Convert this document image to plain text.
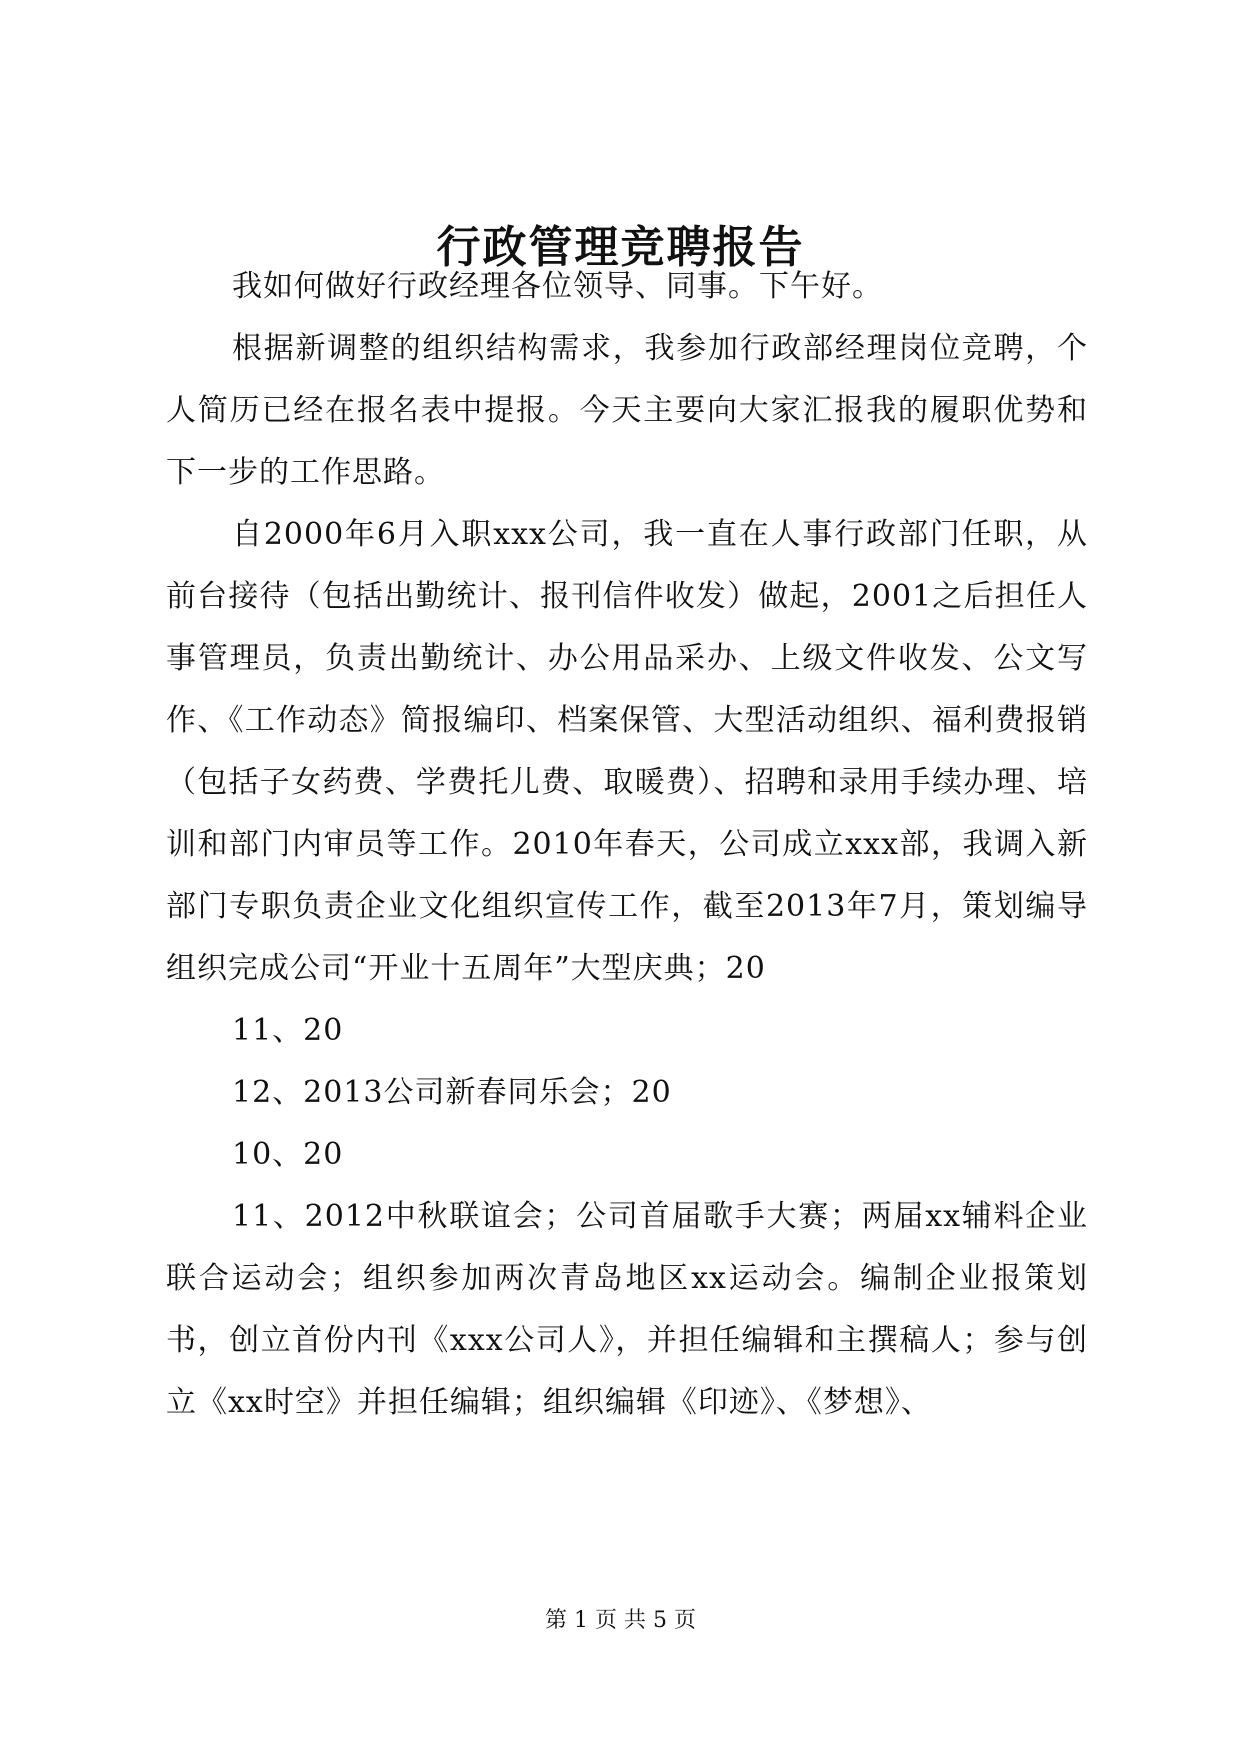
行政管理竞聘报告

我如何做好行政经理各位领导、同事。下午好。

根据新调整的组织结构需求，我参加行政部经理岗位竞聘，个人简历已经在报名表中提报。今天主要向大家汇报我的履职优势和下一步的工作思路。

自2000年6月入职xxx公司，我一直在人事行政部门任职，从前台接待（包括出勤统计、报刊信件收发）做起，2001之后担任人事管理员，负责出勤统计、办公用品采办、上级文件收发、公文写作、《工作动态》简报编印、档案保管、大型活动组织、福利费报销（包括子女药费、学费托儿费、取暖费）、招聘和录用手续办理、培训和部门内审员等工作。2010年春天，公司成立xxx部，我调入新部门专职负责企业文化组织宣传工作，截至2013年7月，策划编导组织完成公司“开业十五周年”大型庆典；20

11、20

12、2013公司新春同乐会；20

10、20

11、2012中秋联谊会；公司首届歌手大赛；两届xx辅料企业联合运动会；组织参加两次青岛地区xx运动会。编制企业报策划书，创立首份内刊《xxx公司人》，并担任编辑和主撰稿人；参与创立《xx时空》并担任编辑；组织编辑《印迹》、《梦想》、

第 1 页 共 5 页
